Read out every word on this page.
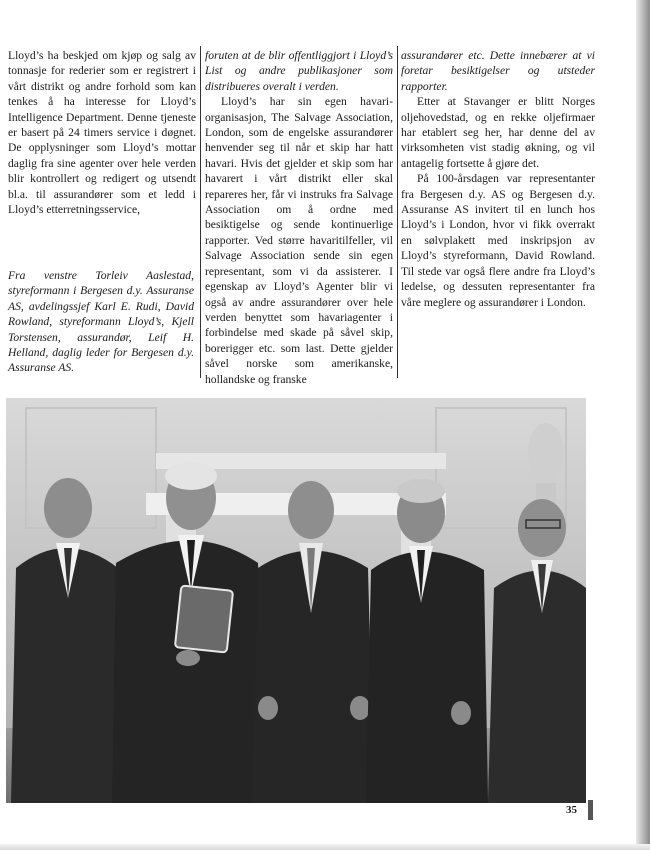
Lloyd’s ha beskjed om kjøp og salg av tonnasje for rederier som er registrert i vårt distrikt og andre forhold som kan tenkes å ha interesse for Lloyd’s Intelligence Department. Denne tjeneste er basert på 24 timers service i døgnet. De opplysninger som Lloyd’s mottar daglig fra sine agenter over hele verden blir kontrollert og redigert og utsendt bl.a. til assurandører som et ledd i Lloyd’s etterretningsservice,

Fra venstre Torleiv Aaslestad, styreformann i Bergesen d.y. Assuranse AS, avdelingssjef Karl E. Rudi, David Rowland, styreformann Lloyd’s, Kjell Torstensen, assurandør, Leif H. Helland, daglig leder for Bergesen d.y. Assuranse AS.

foruten at de blir offentliggjort i Lloyd’s List og andre publikasjoner som distribueres overalt i verden.

Lloyd’s har sin egen havari-organisasjon, The Salvage Association, London, som de engelske assurandører henvender seg til når et skip har hatt havari. Hvis det gjelder et skip som har havarert i vårt distrikt eller skal repareres her, får vi instruks fra Salvage Association om å ordne med besiktigelse og sende kontinuerlige rapporter. Ved større havaritilfeller, vil Salvage Association sende sin egen representant, som vi da assisterer. I egenskap av Lloyd’s Agenter blir vi også av andre assurandører over hele verden benyttet som havariagenter i forbindelse med skade på såvel skip, borerigger etc. som last. Dette gjelder såvel norske som amerikanske, hollandske og franske

assurandører etc. Dette innebærer at vi foretar besiktigelser og utsteder rapporter.

Etter at Stavanger er blitt Norges oljehovedstad, og en rekke oljefirmaer har etablert seg her, har denne del av virksomheten vist stadig økning, og vil antagelig fortsette å gjøre det.

På 100-årsdagen var representanter fra Bergesen d.y. AS og Bergesen d.y. Assuranse AS invitert til en lunch hos Lloyd’s i London, hvor vi fikk overrakt en sølvplakett med inskripsjon av Lloyd’s styreformann, David Rowland. Til stede var også flere andre fra Lloyd’s ledelse, og dessuten representanter fra våre meglere og assurandører i London.

35
